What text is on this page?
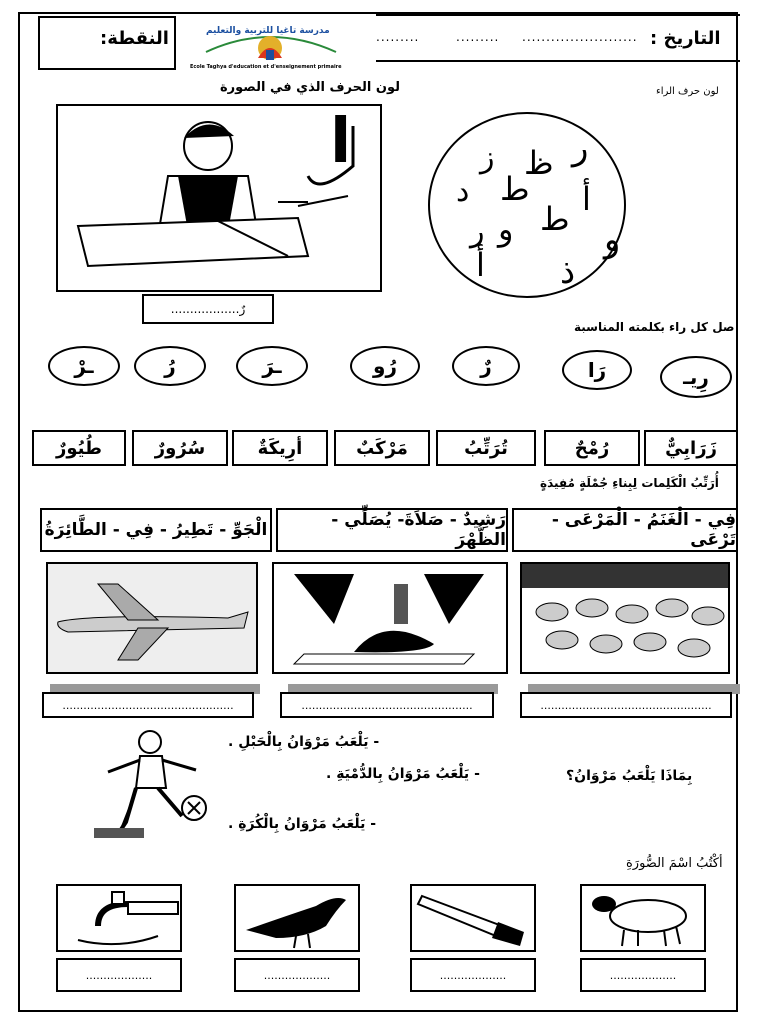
النقطة:	مدرسة تاغيا للتربية والتعليم
Ecole Taghya d'education et d'enseignement primaire
.........	......... ........................ التاريخ :
لون الحرف الذي في الصورة	لون حرف الراء
ا
..................رٌ
ر
ظ
ز
ط
د	أ
ط
و
ر	و
ذ
أ
صل كل راء بكلمته المناسبة
رِيـ
رَا
رٌ
رُو
ـرَ
رُ
ـرْ
زَرَابِيٌّ
رُمْحٌ
تُرَتِّبُ
مَرْكَبٌ
أرِيكَةٌ
سُرُورٌ
طُيُورٌ
أُرَتِّبُ الْكَلِمات لِبِناءِ جُمْلَةٍ مُفِيدَةٍ
فِي - الْغَنَمُ - الْمَرْعَى - تَرْعَى
رَشِيدٌ - صَلاَةَ- يُصَلِّي - الظُّهْرَ
الْجَوِّ - تَطِيرُ - فِي - الطَّائِرَةُ
.................................................
.................................................
.................................................
- يَلْعَبُ مَرْوَانُ بِالْحَبْلِ .
- يَلْعَبُ مَرْوَانُ بِالدُّمْيَةِ .
- يَلْعَبُ مَرْوَانُ بِالْكُرَةِ .
بِمَاذَا يَلْعَبُ مَرْوَانُ؟
أكْتُبُ اسْمَ الصُّورَةِ
...................
...................
...................
...................
